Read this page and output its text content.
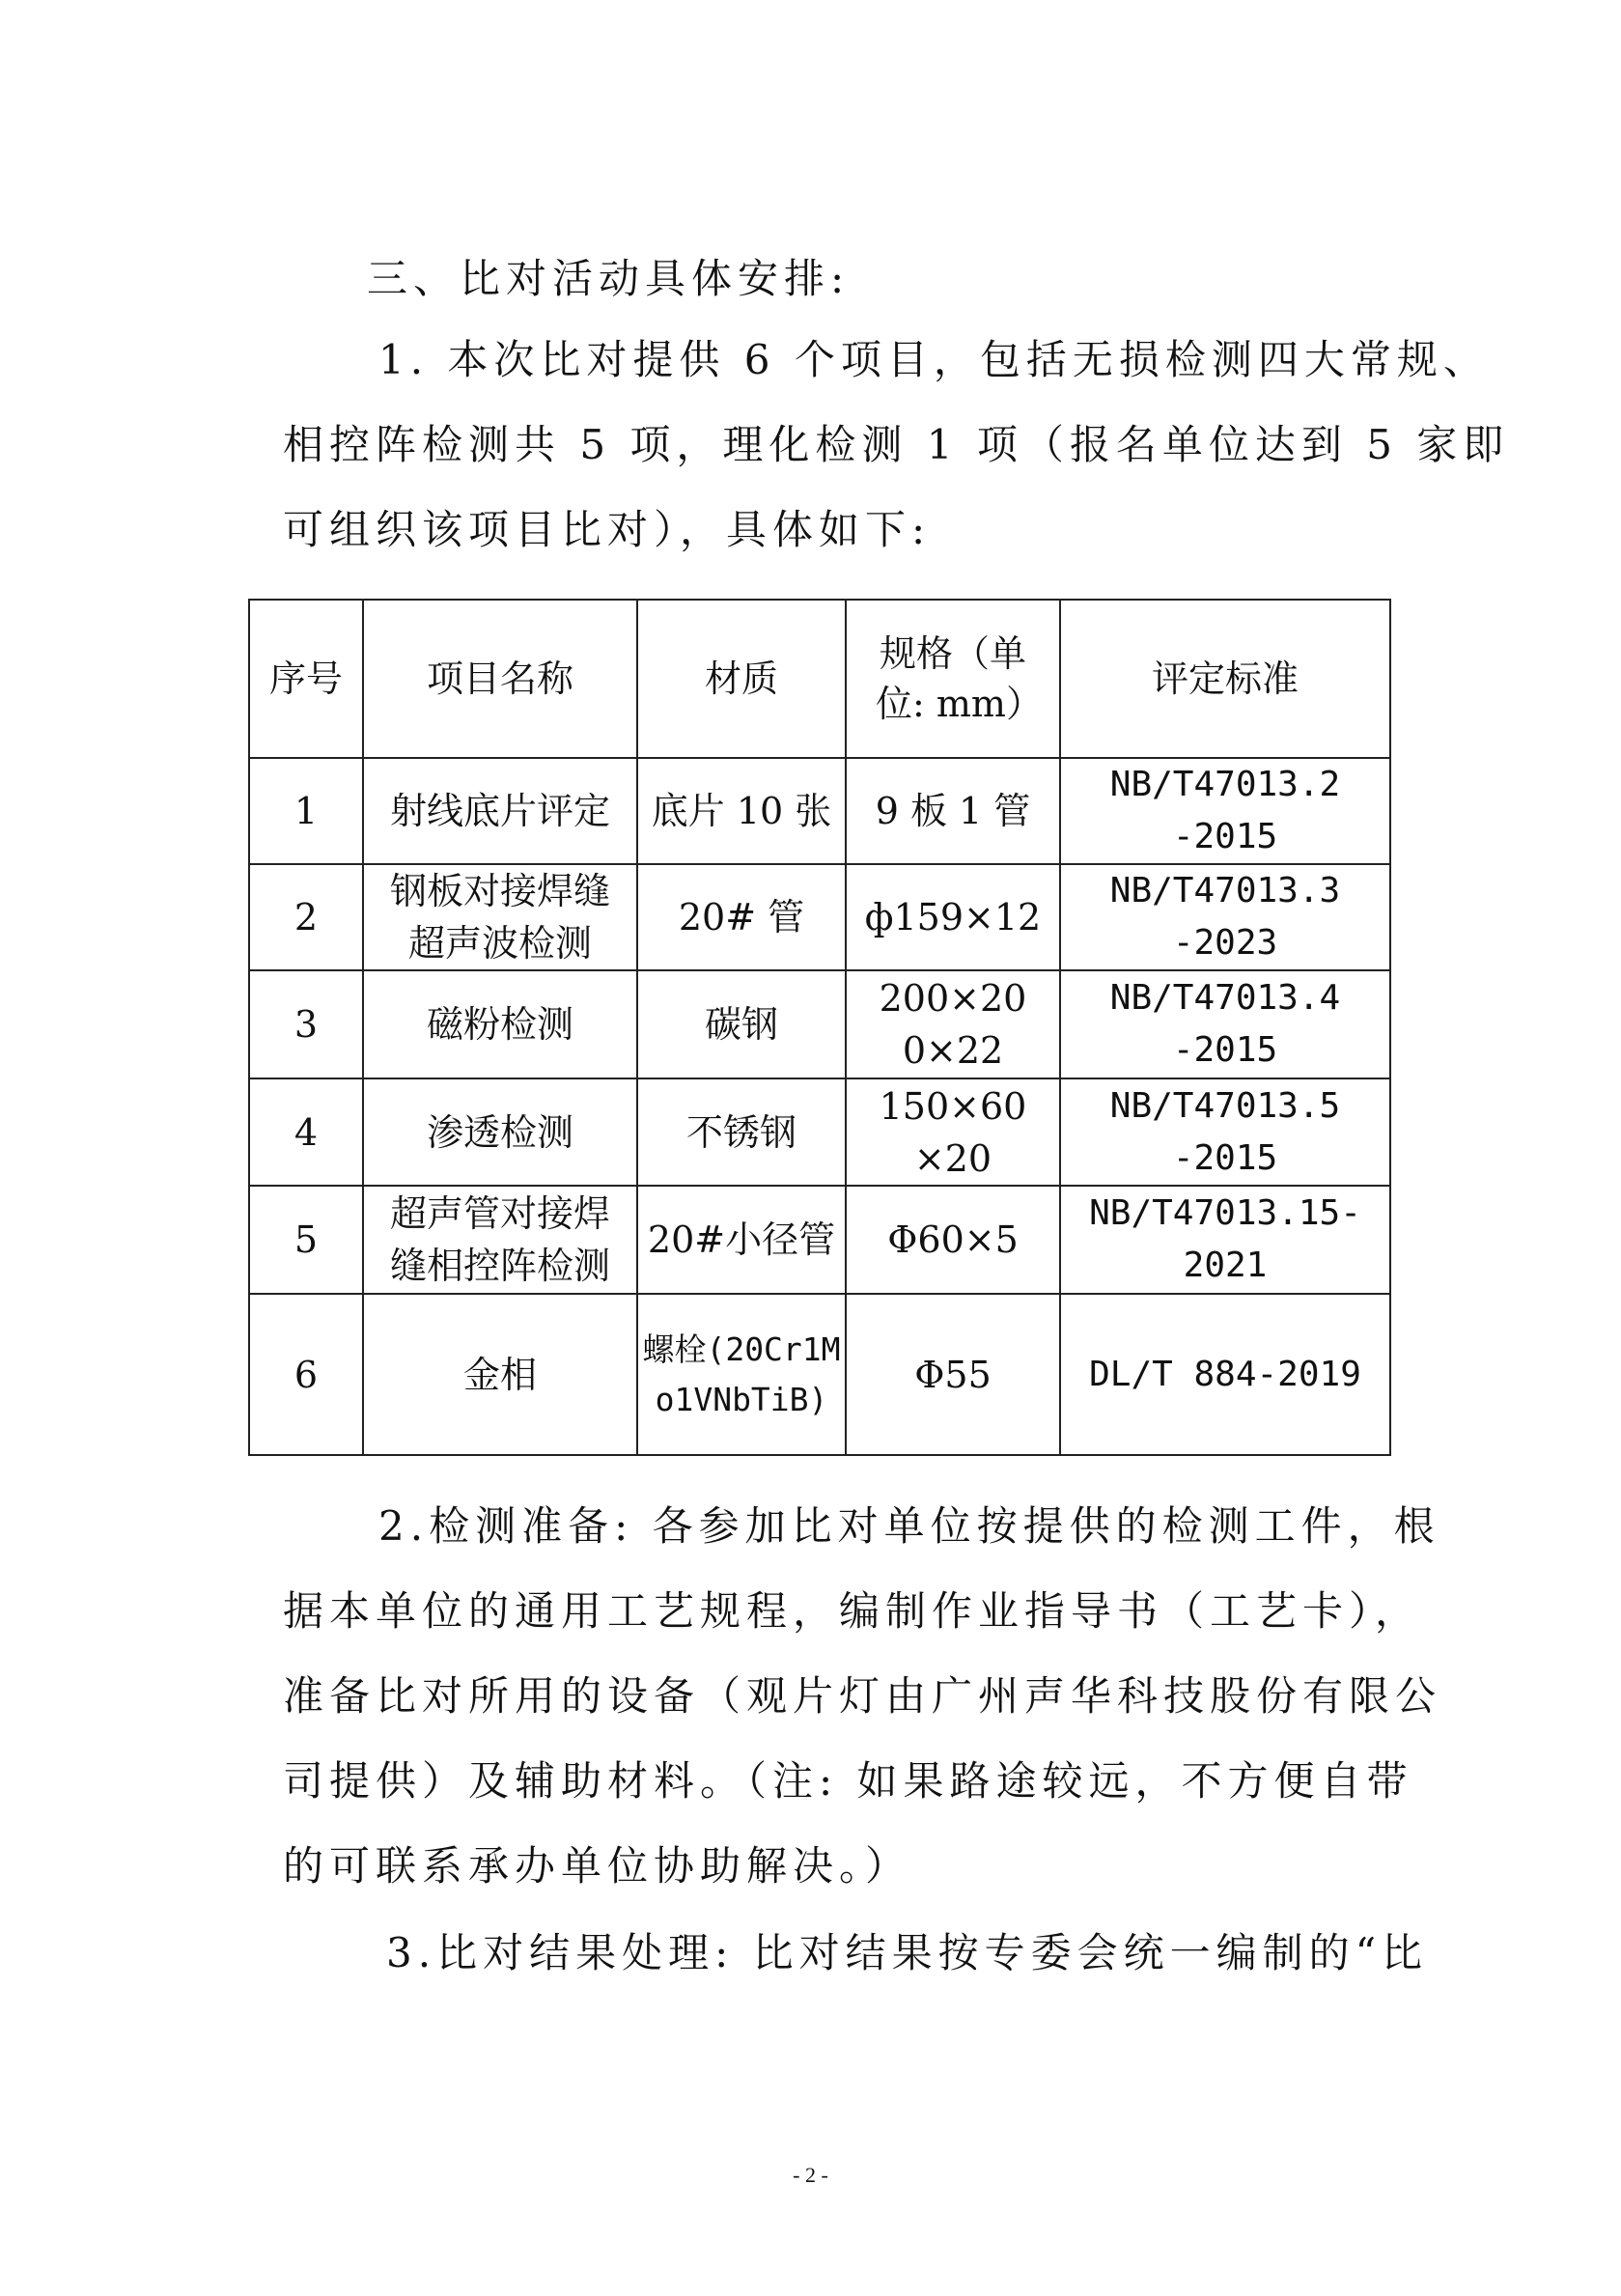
三、比对活动具体安排:
1. 本次比对提供 6 个项目，包括无损检测四大常规、
相控阵检测共 5 项，理化检测 1 项（报名单位达到 5 家即
可组织该项目比对），具体如下:
序号	项目名称	材质	规格（单位: mm）	评定标准
1	射线底片评定	底片 10 张	9 板 1 管	NB/T47013.2-2015
2	钢板对接焊缝超声波检测	20# 管	ф159×12	NB/T47013.3-2023
3	磁粉检测	碳钢	200×200×22	NB/T47013.4-2015
4	渗透检测	不锈钢	150×60×20	NB/T47013.5-2015
5	超声管对接焊缝相控阵检测	20#小径管	Φ60×5	NB/T47013.15-2021
6	金相	螺栓(20Cr1Mo1VNbTiB)	Φ55	DL/T 884-2019
2.检测准备: 各参加比对单位按提供的检测工件，根
据本单位的通用工艺规程，编制作业指导书（工艺卡），
准备比对所用的设备（观片灯由广州声华科技股份有限公
司提供）及辅助材料。（注: 如果路途较远，不方便自带
的可联系承办单位协助解决。）
3.比对结果处理: 比对结果按专委会统一编制的“比
- 2 -
